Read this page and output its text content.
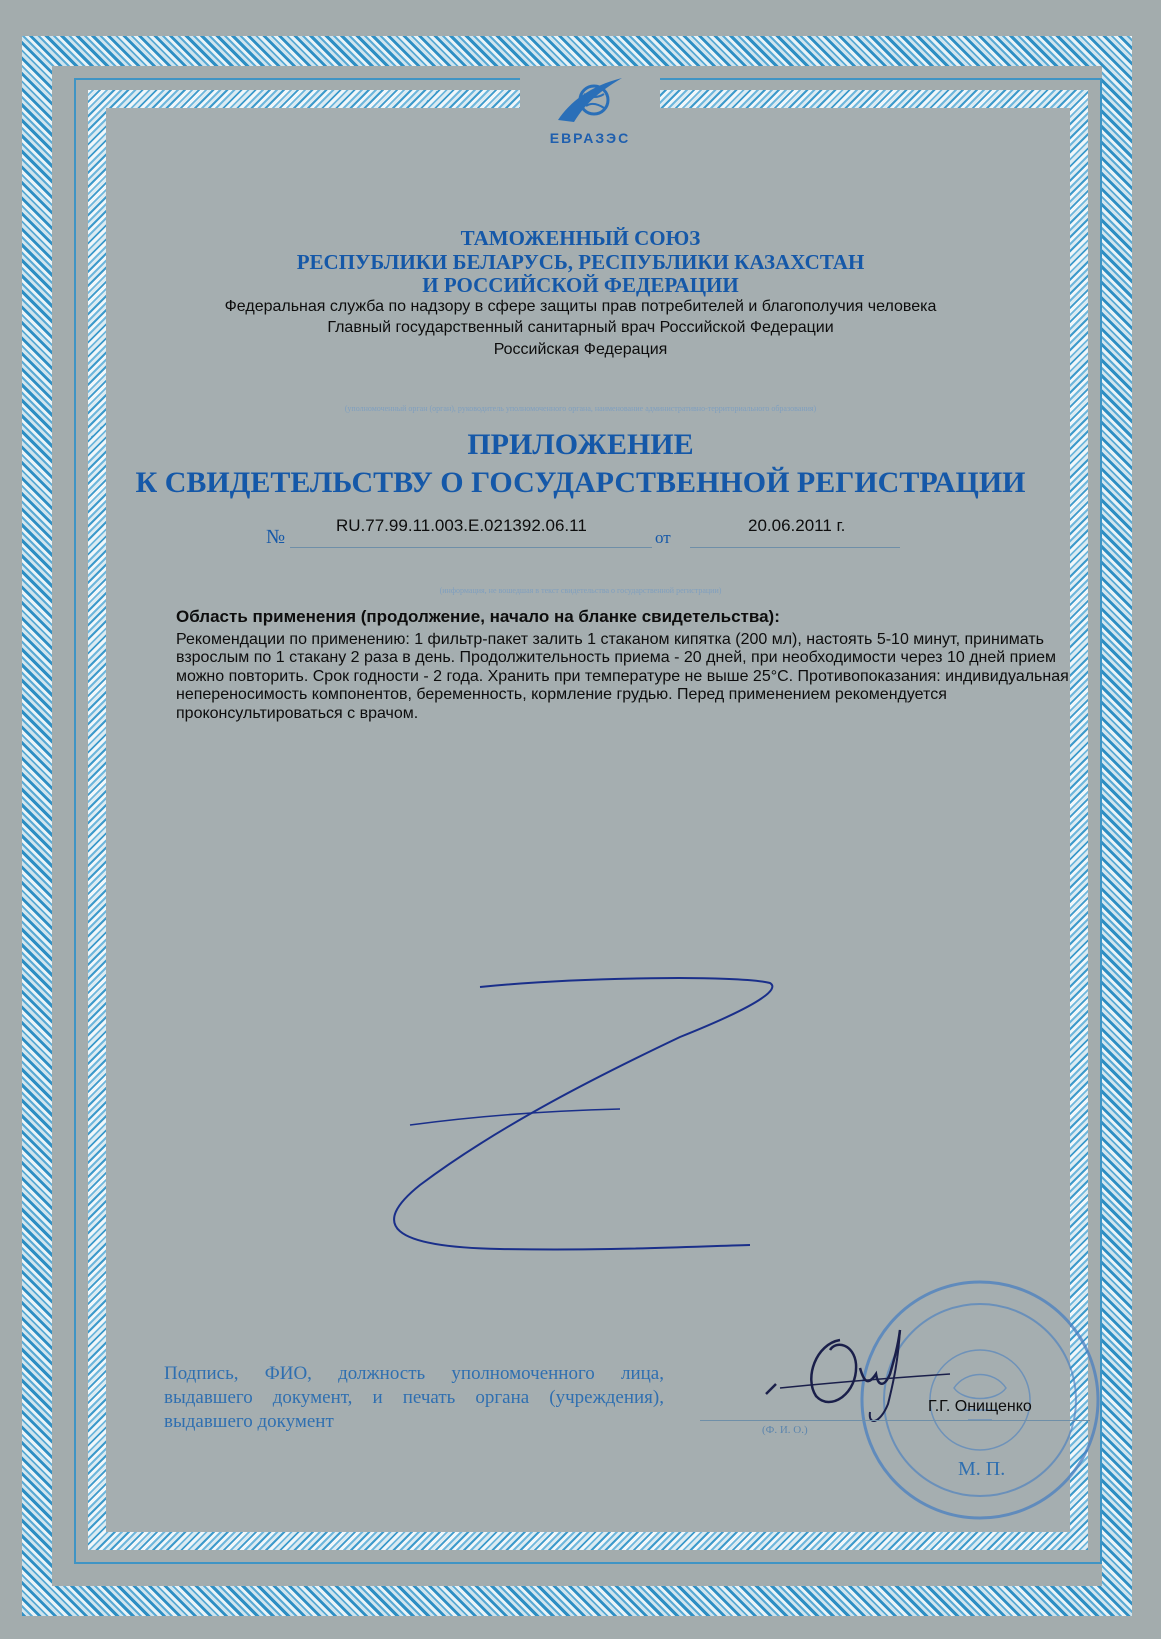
ЕВРАЗЭС
ТАМОЖЕННЫЙ СОЮЗ
РЕСПУБЛИКИ БЕЛАРУСЬ, РЕСПУБЛИКИ КАЗАХСТАН
И РОССИЙСКОЙ ФЕДЕРАЦИИ
Федеральная служба по надзору в сфере защиты прав потребителей и благополучия человека
Главный государственный санитарный врач Российской Федерации
Российская Федерация
(уполномоченный орган (орган), руководитель уполномоченного органа, наименование административно-территориального образования)
ПРИЛОЖЕНИЕ
К СВИДЕТЕЛЬСТВУ О ГОСУДАРСТВЕННОЙ РЕГИСТРАЦИИ
№
RU.77.99.11.003.E.021392.06.11
от
20.06.2011 г.
(информация, не вошедшая в текст свидетельства о государственной регистрации)
Область применения (продолжение, начало на бланке свидетельства):
Рекомендации по применению: 1 фильтр-пакет залить 1 стаканом кипятка (200 мл), настоять 5-10 минут, принимать взрослым по 1 стакану 2 раза в день. Продолжительность приема - 20 дней, при необходимости через 10 дней прием можно повторить. Срок годности - 2 года. Хранить при температуре не выше 25°С. Противопоказания: индивидуальная непереносимость компонентов, беременность, кормление грудью. Перед применением рекомендуется проконсультироваться с врачом.
Подпись, ФИО, должность уполномоченного лица, выдавшего документ, и печать органа (учреждения), выдавшего документ
Г.Г. Онищенко
(Ф. И. О.)
М. П.
